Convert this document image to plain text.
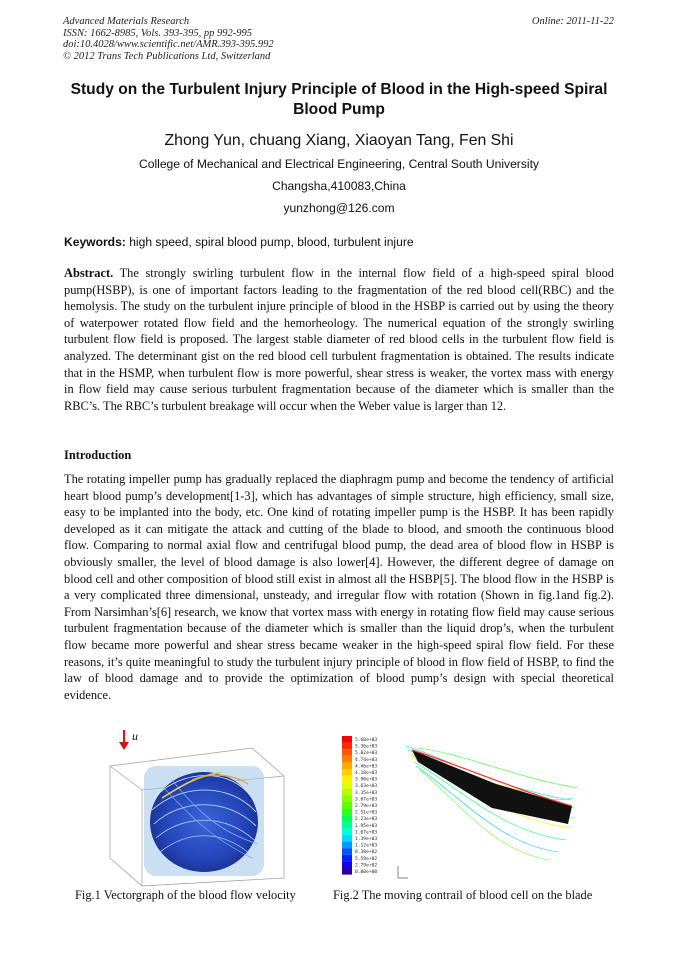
Advanced Materials Research
ISSN: 1662-8985, Vols. 393-395, pp 992-995
doi:10.4028/www.scientific.net/AMR.393-395.992
© 2012 Trans Tech Publications Ltd, Switzerland
Online: 2011-11-22
Study on the Turbulent Injury Principle of Blood in the High-speed Spiral Blood Pump
Zhong Yun, chuang Xiang, Xiaoyan Tang, Fen Shi
College of Mechanical and Electrical Engineering, Central South University
Changsha,410083,China
yunzhong@126.com
Keywords: high speed, spiral blood pump, blood, turbulent injure

Abstract. The strongly swirling turbulent flow in the internal flow field of a high-speed spiral blood pump(HSBP), is one of important factors leading to the fragmentation of the red blood cell(RBC) and the hemolysis. The study on the turbulent injure principle of blood in the HSBP is carried out by using the theory of waterpower rotated flow field and the hemorheology. The numerical equation of the strongly swirling turbulent flow field is proposed. The largest stable diameter of red blood cells in the turbulent flow field is analyzed. The determinant gist on the red blood cell turbulent fragmentation is obtained. The results indicate that in the HSMP, when turbulent flow is more powerful, shear stress is weaker, the vortex mass with energy in flow field may cause serious turbulent fragmentation because of the diameter which is smaller than the RBC’s. The RBC’s turbulent breakage will occur when the Weber value is larger than 12.

Introduction

The rotating impeller pump has gradually replaced the diaphragm pump and become the tendency of artificial heart blood pump’s development[1-3], which has advantages of simple structure, high efficiency, small size, easy to be implanted into the body, etc. One kind of rotating impeller pump is the HSBP. It has been rapidly developed as it can mitigate the attack and cutting of the blade to blood, and smooth the continuous blood flow. Comparing to normal axial flow and centrifugal blood pump, the dead area of blood flow in HSBP is obviously smaller, the level of blood damage is also lower[4]. However, the different degree of damage on blood cell and other composition of blood still exist in almost all the HSBP[5]. The blood flow in the HSBP is a very complicated three dimensional, unsteady, and irregular flow with rotation (Shown in fig.1and fig.2). From Narsimhan’s[6] research, we know that vortex mass with energy in rotating flow field may cause serious turbulent fragmentation because of the diameter which is smaller than the liquid drop’s, when the turbulent flow became more powerful and shear stress became weaker in the high-speed spiral flow field. For these reasons, it’s quite meaningful to study the turbulent injury principle of blood in flow field of HSBP, to find the law of blood damage and to provide the optimization of blood pump’s design with special theoretical evidence.

u	5.60e+03
5.36e+03
5.02e+03
4.74e+03
4.46e+03
4.18e+03
3.90e+03
3.63e+03
3.35e+03
3.07e+03
2.79e+03
2.51e+03
2.23e+03
1.95e+03
1.67e+03
1.39e+03
1.12e+03
8.38e+02
5.59e+02
2.79e+02
0.00e+00
Fig.1 Vectorgraph of the blood flow velocity	Fig.2 The moving contrail of blood cell on the blade
